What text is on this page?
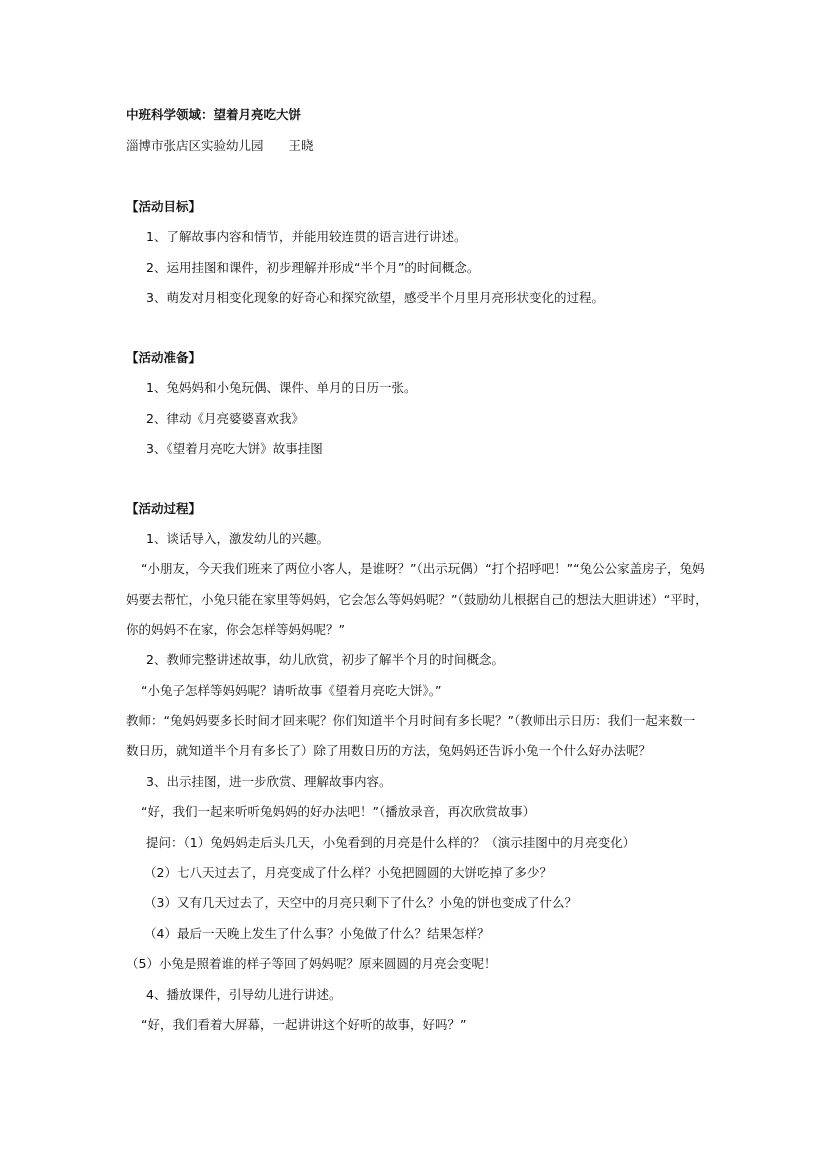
中班科学领域：望着月亮吃大饼
淄博市张店区实验幼儿园　　王晓
【活动目标】
1、了解故事内容和情节，并能用较连贯的语言进行讲述。
2、运用挂图和课件，初步理解并形成“半个月”的时间概念。
3、萌发对月相变化现象的好奇心和探究欲望，感受半个月里月亮形状变化的过程。
【活动准备】
1、兔妈妈和小兔玩偶、课件、单月的日历一张。
2、律动《月亮婆婆喜欢我》
3、《望着月亮吃大饼》故事挂图
【活动过程】
1、谈话导入，激发幼儿的兴趣。
“小朋友，今天我们班来了两位小客人，是谁呀？”（出示玩偶）“打个招呼吧！”“兔公公家盖房子，兔妈
妈要去帮忙，小兔只能在家里等妈妈，它会怎么等妈妈呢？”（鼓励幼儿根据自己的想法大胆讲述）“平时，
你的妈妈不在家，你会怎样等妈妈呢？”
2、教师完整讲述故事，幼儿欣赏，初步了解半个月的时间概念。
“小兔子怎样等妈妈呢？请听故事《望着月亮吃大饼》。”
教师：“兔妈妈要多长时间才回来呢？你们知道半个月时间有多长呢？”（教师出示日历：我们一起来数一
数日历，就知道半个月有多长了）除了用数日历的方法，兔妈妈还告诉小兔一个什么好办法呢？
3、出示挂图，进一步欣赏、理解故事内容。
“好，我们一起来听听兔妈妈的好办法吧！”（播放录音，再次欣赏故事）
提问：（1）兔妈妈走后头几天，小兔看到的月亮是什么样的？（演示挂图中的月亮变化）
（2）七八天过去了，月亮变成了什么样？小兔把圆圆的大饼吃掉了多少？
（3）又有几天过去了，天空中的月亮只剩下了什么？小兔的饼也变成了什么？
（4）最后一天晚上发生了什么事？小兔做了什么？结果怎样？
（5）小兔是照着谁的样子等回了妈妈呢？原来圆圆的月亮会变呢！
4、播放课件，引导幼儿进行讲述。
“好，我们看着大屏幕，一起讲讲这个好听的故事，好吗？”
